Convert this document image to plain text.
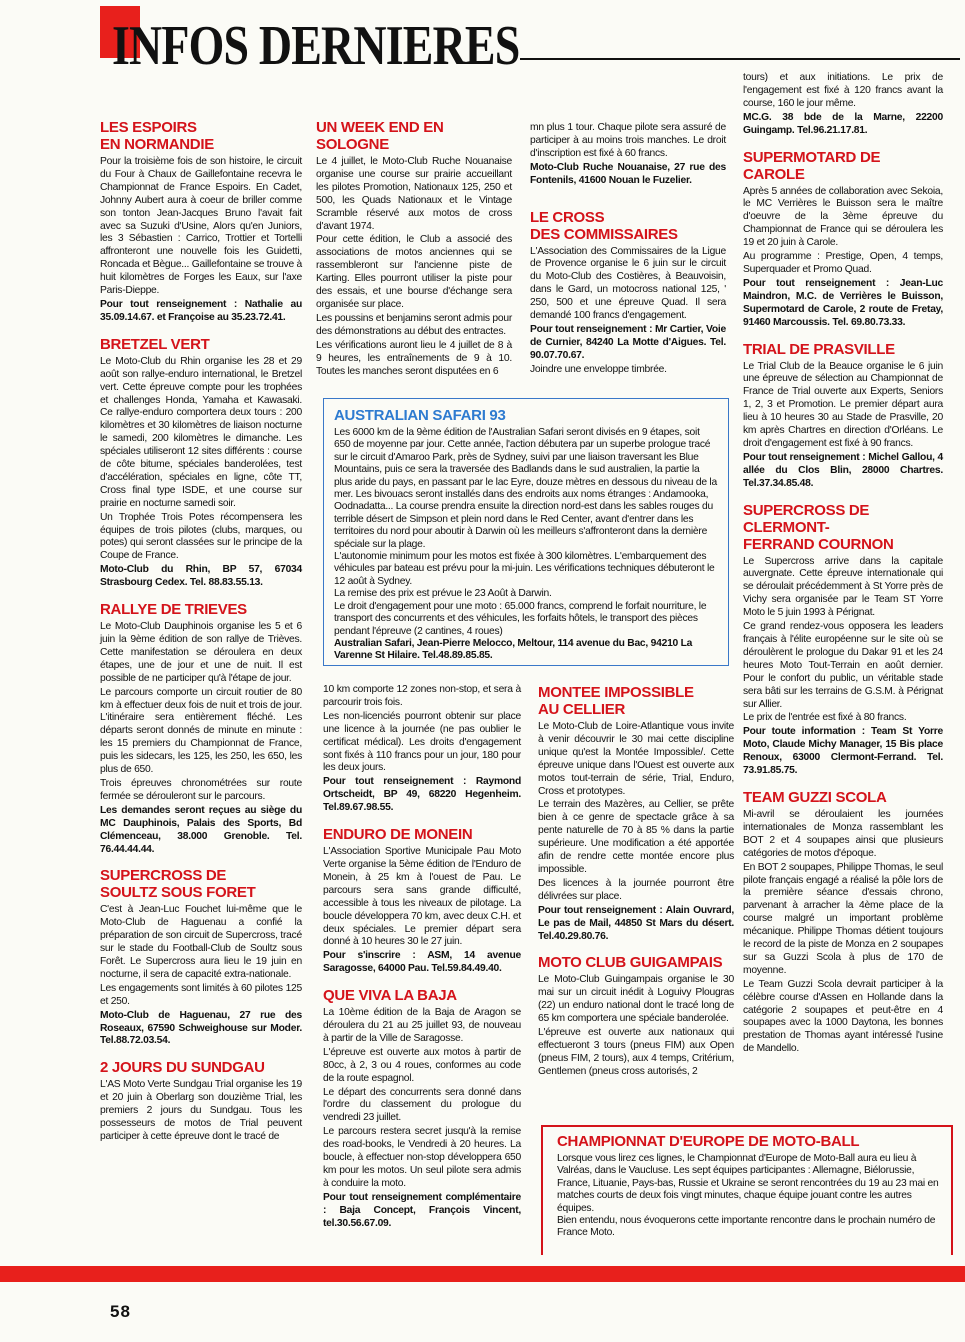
INFOS DERNIERES
LES ESPOIRS
EN NORMANDIE

Pour la troisième fois de son histoire, le circuit du Four à Chaux de Gaillefontaine recevra le Championnat de France Espoirs. En Cadet, Johnny Aubert aura à coeur de briller comme son tonton Jean-Jacques Bruno l'avait fait avec sa Suzuki d'Usine, Alors qu'en Juniors, les 3 Sébastien : Carrico, Trottier et Tortelli affronteront une nouvelle fois les Guidetti, Roncada et Bègue... Gaillefontaine se trouve à huit kilomètres de Forges les Eaux, sur l'axe Paris-Dieppe.

Pour tout renseignement : Nathalie au 35.09.14.67. et Françoise au 35.23.72.41.

BRETZEL VERT

Le Moto-Club du Rhin organise les 28 et 29 août son rallye-enduro international, le Bretzel vert. Cette épreuve compte pour les trophées et challenges Honda, Yamaha et Kawasaki. Ce rallye-enduro comportera deux tours : 200 kilomètres et 30 kilomètres de liaison nocturne le samedi, 200 kilomètres le dimanche. Les spéciales utiliseront 12 sites différents : course de côte bitume, spéciales banderolées, test d'accélération, spéciales en ligne, côte TT, Cross final type ISDE, et une course sur prairie en nocturne samedi soir.

Un Trophée Trois Potes récompensera les équipes de trois pilotes (clubs, marques, ou potes) qui seront classées sur le principe de la Coupe de France.

Moto-Club du Rhin, BP 57, 67034 Strasbourg Cedex. Tel. 88.83.55.13.

RALLYE DE TRIEVES

Le Moto-Club Dauphinois organise les 5 et 6 juin la 9ème édition de son rallye de Trièves. Cette manifestation se déroulera en deux étapes, une de jour et une de nuit. Il est possible de ne participer qu'à l'étape de jour.

Le parcours comporte un circuit routier de 80 km à effectuer deux fois de nuit et trois de jour. L'itinéraire sera entièrement fléché. Les départs seront donnés de minute en minute : les 15 premiers du Championnat de France, puis les sidecars, les 125, les 250, les 650, les plus de 650.

Trois épreuves chronométrées sur route fermée se dérouleront sur le parcours.

Les demandes seront reçues au siège du MC Dauphinois, Palais des Sports, Bd Clémenceau, 38.000 Grenoble. Tel. 76.44.44.44.

SUPERCROSS DE
SOULTZ SOUS FORET

C'est à Jean-Luc Fouchet lui-même que le Moto-Club de Haguenau a confié la préparation de son circuit de Supercross, tracé sur le stade du Football-Club de Soultz sous Forêt. Le Supercross aura lieu le 19 juin en nocturne, il sera de capacité extra-nationale.

Les engagements sont limités à 60 pilotes 125 et 250.

Moto-Club de Haguenau, 27 rue des Roseaux, 67590 Schweighouse sur Moder. Tel.88.72.03.54.

2 JOURS DU SUNDGAU

L'AS Moto Verte Sundgau Trial organise les 19 et 20 juin à Oberlarg son douzième Trial, les premiers 2 jours du Sundgau. Tous les possesseurs de motos de Trial peuvent participer à cette épreuve dont le tracé de

UN WEEK END EN SOLOGNE

Le 4 juillet, le Moto-Club Ruche Nouanaise organise une course sur prairie accueillant les pilotes Promotion, Nationaux 125, 250 et 500, les Quads Nationaux et le Vintage Scramble réservé aux motos de cross d'avant 1974.

Pour cette édition, le Club a associé des associations de motos anciennes qui se rassembleront sur l'ancienne piste de Karting. Elles pourront utiliser la piste pour des essais, et une bourse d'échange sera organisée sur place.

Les poussins et benjamins seront admis pour des démonstrations au début des entractes.

Les vérifications auront lieu le 4 juillet de 8 à 9 heures, les entraînements de 9 à 10. Toutes les manches seront disputées en 6

mn plus 1 tour. Chaque pilote sera assuré de participer à au moins trois manches. Le droit d'inscription est fixé à 60 francs.

Moto-Club Ruche Nouanaise, 27 rue des Fontenils, 41600 Nouan le Fuzelier.

LE CROSS
DES COMMISSAIRES

L'Association des Commissaires de la Ligue de Provence organise le 6 juin sur le circuit du Moto-Club des Costières, à Beauvoisin, dans le Gard, un motocross national 125, ' 250, 500 et une épreuve Quad. Il sera demandé 100 francs d'engagement.

Pour tout renseignement : Mr Cartier, Voie de Curnier, 84240 La Motte d'Aigues. Tel. 90.07.70.67.

Joindre une enveloppe timbrée.

AUSTRALIAN SAFARI 93

Les 6000 km de la 9ème édition de l'Australian Safari seront divisés en 9 étapes, soit 650 de moyenne par jour. Cette année, l'action débutera par un superbe prologue tracé sur le circuit d'Amaroo Park, près de Sydney, suivi par une liaison traversant les Blue Mountains, puis ce sera la traversée des Badlands dans le sud australien, la partie la plus aride du pays, en passant par le lac Eyre, douze mètres en dessous du niveau de la mer. Les bivouacs seront installés dans des endroits aux noms étranges : Andamooka, Oodnadatta... La course prendra ensuite la direction nord-est dans les sables rouges du terrible désert de Simpson et plein nord dans le Red Center, avant d'entrer dans les territoires du nord pour aboutir à Darwin où les meilleurs s'affronteront dans la dernière spéciale sur la plage.

L'autonomie minimum pour les motos est fixée à 300 kilomètres. L'embarquement des véhicules par bateau est prévu pour la mi-juin. Les vérifications techniques débuteront le 12 août à Sydney.

La remise des prix est prévue le 23 Août à Darwin.

Le droit d'engagement pour une moto : 65.000 francs, comprend le forfait nourriture, le transport des concurrents et des véhicules, les forfaits hôtels, le transport des pièces pendant l'épreuve (2 cantines, 4 roues)

Australian Safari, Jean-Pierre Melocco, Meltour, 114 avenue du Bac, 94210 La Varenne St Hilaire. Tel.48.89.85.85.

10 km comporte 12 zones non-stop, et sera à parcourir trois fois.

Les non-licenciés pourront obtenir sur place une licence à la journée (ne pas oublier le certificat médical). Les droits d'engagement sont fixés à 110 francs pour un jour, 180 pour les deux jours.

Pour tout renseignement : Raymond Ortscheidt, BP 49, 68220 Hegenheim. Tel.89.67.98.55.

ENDURO DE MONEIN

L'Association Sportive Municipale Pau Moto Verte organise la 5ème édition de l'Enduro de Monein, à 25 km à l'ouest de Pau. Le parcours sera sans grande difficulté, accessible à tous les niveaux de pilotage. La boucle développera 70 km, avec deux C.H. et deux spéciales. Le premier départ sera donné à 10 heures 30 le 27 juin.

Pour s'inscrire : ASM, 14 avenue Saragosse, 64000 Pau. Tel.59.84.49.40.

QUE VIVA LA BAJA

La 10ème édition de la Baja de Aragon se déroulera du 21 au 25 juillet 93, de nouveau à partir de la Ville de Saragosse.

L'épreuve est ouverte aux motos à partir de 80cc, à 2, 3 ou 4 roues, conformes au code de la route espagnol.

Le départ des concurrents sera donné dans l'ordre du classement du prologue du vendredi 23 juillet.

Le parcours restera secret jusqu'à la remise des road-books, le Vendredi à 20 heures. La boucle, à effectuer non-stop développera 650 km pour les motos. Un seul pilote sera admis à conduire la moto.

Pour tout renseignement complémentaire : Baja Concept, François Vincent, tel.30.56.67.09.

MONTEE IMPOSSIBLE
AU CELLIER

Le Moto-Club de Loire-Atlantique vous invite à venir découvrir le 30 mai cette discipline unique qu'est la Montée Impossible/. Cette épreuve unique dans l'Ouest est ouverte aux motos tout-terrain de série, Trial, Enduro, Cross et prototypes.

Le terrain des Mazères, au Cellier, se prête bien à ce genre de spectacle grâce à sa pente naturelle de 70 à 85 % dans la partie supérieure. Une modification a été apportée afin de rendre cette montée encore plus impossible.

Des licences à la journée pourront être délivrées sur place.

Pour tout renseignement : Alain Ouvrard, Le pas de Mail, 44850 St Mars du désert. Tel.40.29.80.76.

MOTO CLUB GUIGAMPAIS

Le Moto-Club Guingampais organise le 30 mai sur un circuit inédit à Loguivy Plougras (22) un enduro national dont le tracé long de 65 km comportera une spéciale banderolée.

L'épreuve est ouverte aux nationaux qui effectueront 3 tours (pneus FIM) aux Open (pneus FIM, 2 tours), aux 4 temps, Critérium, Gentlemen (pneus cross autorisés, 2

tours) et aux initiations. Le prix de l'engagement est fixé à 120 francs avant la course, 160 le jour même.

MC.G. 38 bde de la Marne, 22200 Guingamp. Tel.96.21.17.81.

SUPERMOTARD DE CAROLE

Après 5 années de collaboration avec Sekoia, le MC Verrières le Buisson sera le maître d'oeuvre de la 3ème épreuve du Championnat de France qui se déroulera les 19 et 20 juin à Carole.

Au programme : Prestige, Open, 4 temps, Superquader et Promo Quad.

Pour tout renseignement : Jean-Luc Maindron, M.C. de Verrières le Buisson, Supermotard de Carole, 2 route de Fretay, 91460 Marcoussis. Tel. 69.80.73.33.

TRIAL DE PRASVILLE

Le Trial Club de la Beauce organise le 6 juin une épreuve de sélection au Championnat de France de Trial ouverte aux Experts, Seniors 1, 2, 3 et Promotion. Le premier départ aura lieu à 10 heures 30 au Stade de Prasville, 20 km après Chartres en direction d'Orléans. Le droit d'engagement est fixé à 90 francs.

Pour tout renseignement : Michel Gallou, 4 allée du Clos Blin, 28000 Chartres. Tel.37.34.85.48.

SUPERCROSS DE CLERMONT-
FERRAND COURNON

Le Supercross arrive dans la capitale auvergnate. Cette épreuve internationale qui se déroulait précédemment à St Yorre près de Vichy sera organisée par le Team ST Yorre Moto le 5 juin 1993 à Pérignat.

Ce grand rendez-vous opposera les leaders français à l'élite européenne sur le site où se déroulèrent le prologue du Dakar 91 et les 24 heures Moto Tout-Terrain en août dernier. Pour le confort du public, un véritable stade sera bâti sur les terrains de G.S.M. à Pérignat sur Allier.

Le prix de l'entrée est fixé à 80 francs.

Pour toute information : Team St Yorre Moto, Claude Michy Manager, 15 Bis place Renoux, 63000 Clermont-Ferrand. Tel. 73.91.85.75.

TEAM GUZZI SCOLA

Mi-avril se déroulaient les journées internationales de Monza rassemblant les BOT 2 et 4 soupapes ainsi que plusieurs catégories de motos d'époque.

En BOT 2 soupapes, Philippe Thomas, le seul pilote français engagé a réalisé la pôle lors de la première séance d'essais chrono, parvenant à arracher la 4ème place de la course malgré un important problème mécanique. Philippe Thomas détient toujours le record de la piste de Monza en 2 soupapes sur sa Guzzi Scola à plus de 170 de moyenne.

Le Team Guzzi Scola devrait participer à la célèbre course d'Assen en Hollande dans la catégorie 2 soupapes et peut-être en 4 soupapes avec la 1000 Daytona, les bonnes prestation de Thomas ayant intéressé l'usine de Mandello.

CHAMPIONNAT D'EUROPE DE MOTO-BALL

Lorsque vous lirez ces lignes, le Championnat d'Europe de Moto-Ball aura eu lieu à Valréas, dans le Vaucluse. Les sept équipes participantes : Allemagne, Biélorussie, France, Lituanie, Pays-bas, Russie et Ukraine se seront rencontrées du 19 au 23 mai en matches courts de deux fois vingt minutes, chaque équipe jouant contre les autres équipes.

Bien entendu, nous évoquerons cette importante rencontre dans le prochain numéro de France Moto.

58
